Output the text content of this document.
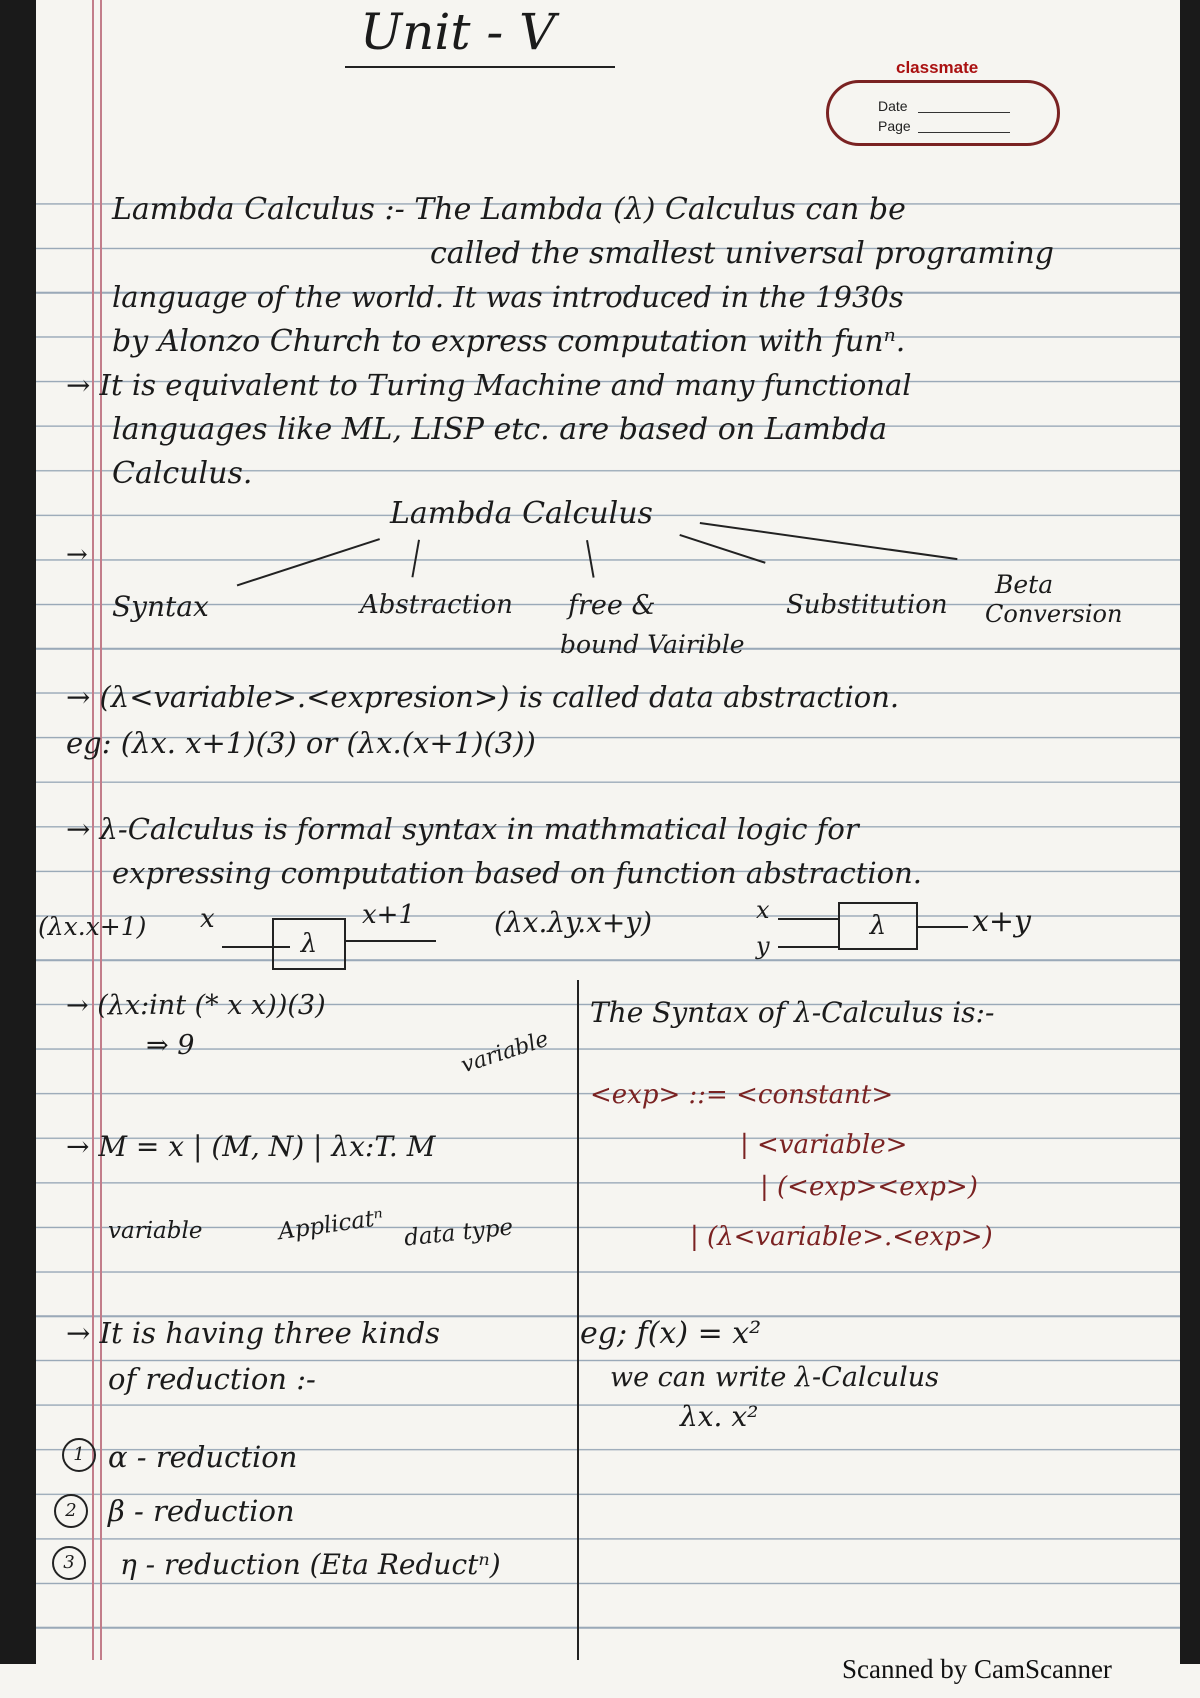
Unit - V
classmate
Date
Page
Lambda Calculus :- The Lambda (λ) Calculus can be
called the smallest universal programing
language of the world. It was introduced in the 1930s
by Alonzo Church to express computation with funⁿ.
→ It is equivalent to Turing Machine and many functional
languages like ML, LISP etc. are based on Lambda
Calculus.
Lambda Calculus
→
Syntax	Abstraction free &
bound Vairible
Substitution
Beta
Conversion
→ (λ<variable>.<expresion>) is called data abstraction.
eg: (λx. x+1)(3) or (λx.(x+1)(3))
→ λ-Calculus is formal syntax in mathmatical logic for
expressing computation based on function abstraction.
(λx.x+1) x
λ
x+1	(λx.λy.x+y)	x
y
λ	x+y
→ (λx:int (* x x))(3)
⇒ 9	variable
→ M = x | (M, N) | λx:T. M
variable	Applicatⁿ data type
The Syntax of λ-Calculus is:-
<exp> ::= <constant>
| <variable>
| (<exp><exp>)
| (λ<variable>.<exp>)
→ It is having three kinds
of reduction :-
1
2
3
α - reduction
β - reduction
η - reduction (Eta Reductⁿ)
eg; f(x) = x²
we can write λ-Calculus
λx. x²
Scanned by CamScanner
